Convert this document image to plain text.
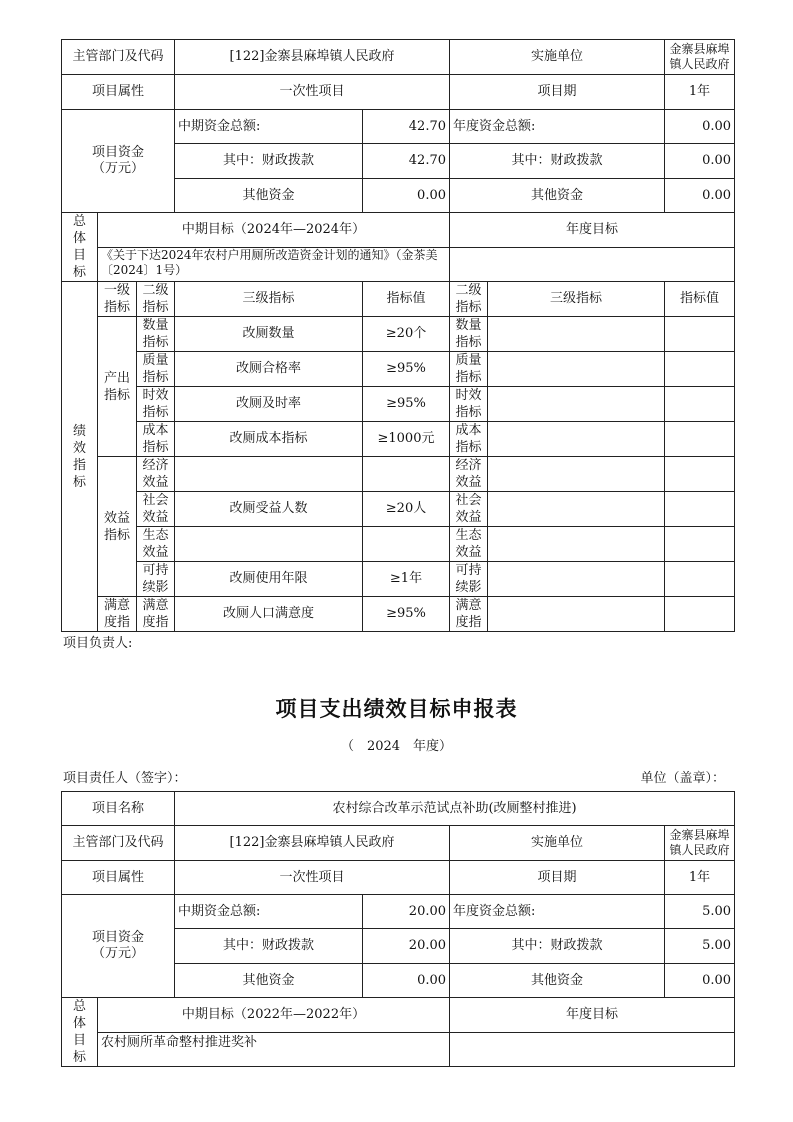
主管部门及代码			[122]金寨县麻埠镇人民政府		实施单位		金寨县麻埠镇人民政府
项目属性			一次性项目		项目期		1年
项目资金
（万元）			中期资金总额:	42.70	年度资金总额:		0.00
			其中：财政拨款	42.70	其中：财政拨款		0.00
			其他资金	0.00	其他资金		0.00

总体目标	中期目标（2024年—2024年）				年度目标		
	《关于下达2024年农村户用厕所改造资金计划的通知》（金茶美〔2024〕1号）						

绩效指标	一级指标	二级指标	三级指标	指标值	二级指标	三级指标	指标值
	产出指标	数量指标	改厕数量	≥20个	数量指标		
		质量指标	改厕合格率	≥95%	质量指标		
		时效指标	改厕及时率	≥95%	时效指标		
		成本指标	改厕成本指标	≥1000元	成本指标		
	效益指标	经济效益			经济效益		
		社会效益	改厕受益人数	≥20人	社会效益		
		生态效益			生态效益		
		可持续影	改厕使用年限	≥1年	可持续影		
	满意度指	满意度指	改厕人口满意度	≥95%	满意度指		
项目负责人:
项目支出绩效目标申报表
（　2024　年度）
项目责任人（签字）：	单位（盖章）：
项目名称		农村综合改革示范试点补助(改厕整村推进)			
主管部门及代码		[122]金寨县麻埠镇人民政府		实施单位	金寨县麻埠镇人民政府
项目属性		一次性项目		项目期	1年
项目资金
（万元）		中期资金总额:	20.00	年度资金总额:	5.00
		其中：财政拨款	20.00	其中：财政拨款	5.00
		其他资金	0.00	其他资金	0.00

总体目标	中期目标（2022年—2022年）			年度目标	
	农村厕所革命整村推进奖补				
